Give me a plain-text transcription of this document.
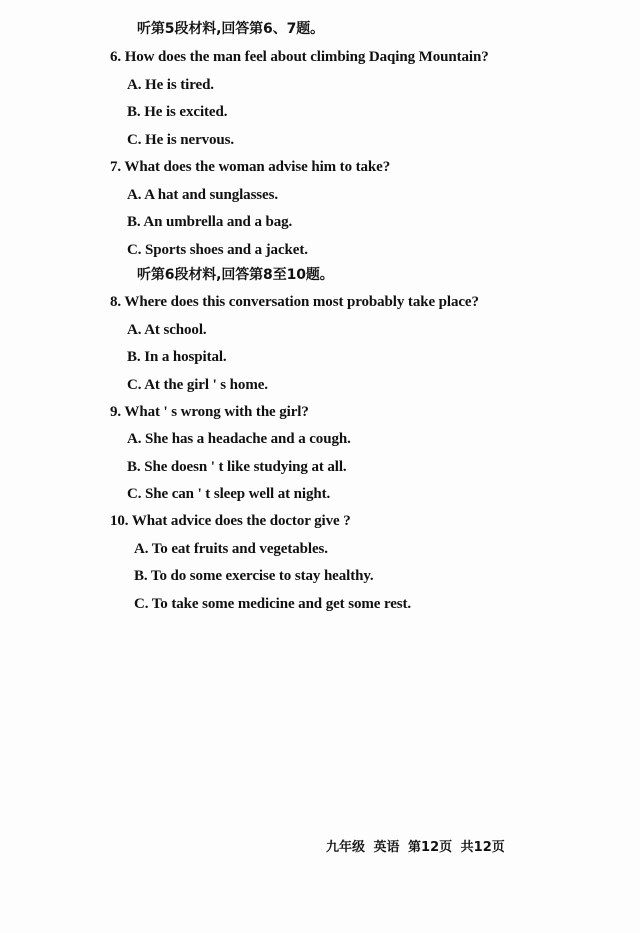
听第5段材料,回答第6、7题。
6. How does the man feel about climbing Daqing Mountain?
A. He is tired.
B. He is excited.
C. He is nervous.
7. What does the woman advise him to take?
A. A hat and sunglasses.
B. An umbrella and a bag.
C. Sports shoes and a jacket.
听第6段材料,回答第8至10题。
8. Where does this conversation most probably take place?
A. At school.
B. In a hospital.
C. At the girl ' s home.
9. What ' s wrong with the girl?
A. She has a headache and a cough.
B. She doesn ' t like studying at all.
C. She can ' t sleep well at night.
10. What advice does the doctor give ?
A. To eat fruits and vegetables.
B. To do some exercise to stay healthy.
C. To take some medicine and get some rest.
九年级 英语 第12页 共12页
